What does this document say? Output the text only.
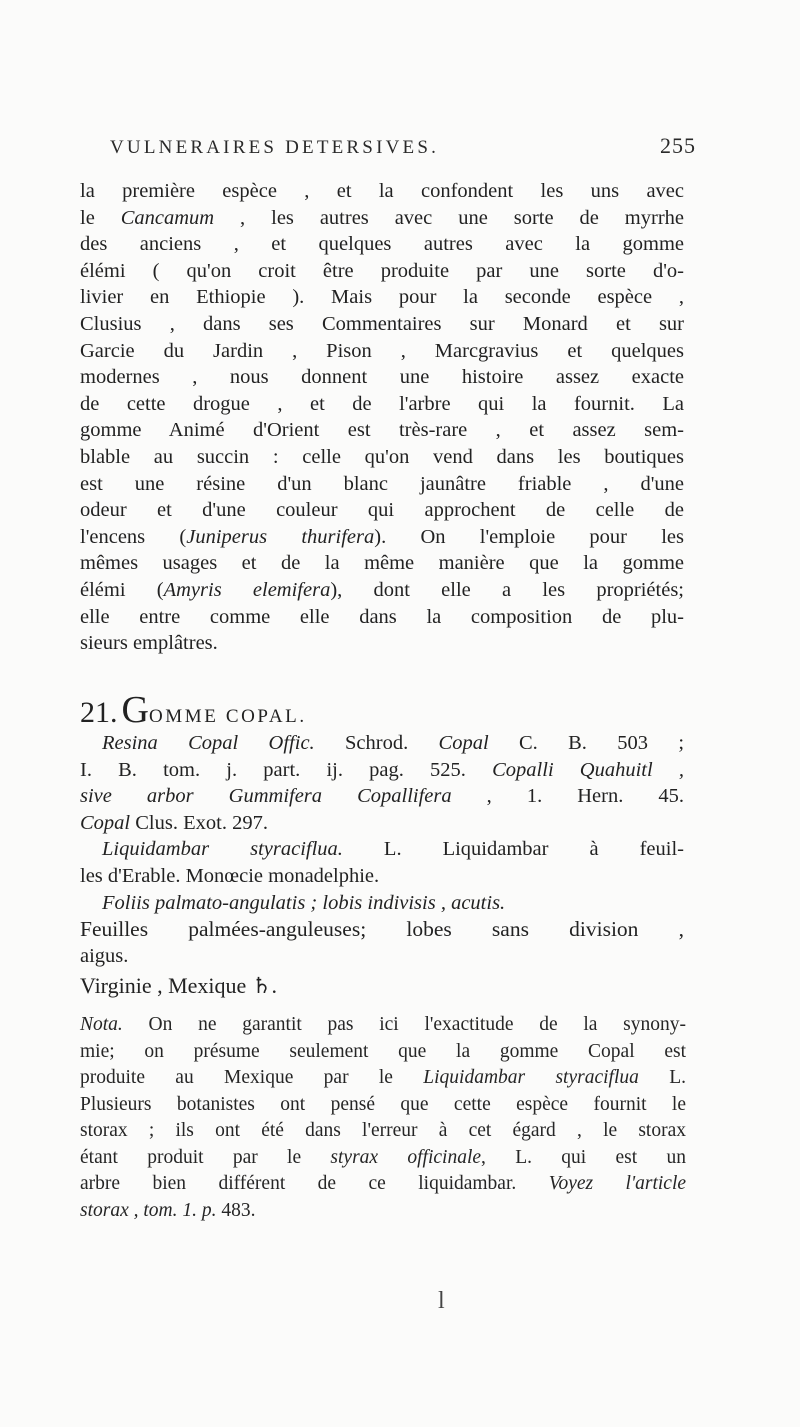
VULNERAIRES DETERSIVES.	255
la première espèce , et la confondent les uns avec
le Cancamum , les autres avec une sorte de myrrhe
des anciens , et quelques autres avec la gomme
élémi ( qu'on croit être produite par une sorte d'o-
livier en Ethiopie ). Mais pour la seconde espèce ,
Clusius , dans ses Commentaires sur Monard et sur
Garcie du Jardin , Pison , Marcgravius et quelques
modernes , nous donnent une histoire assez exacte
de cette drogue , et de l'arbre qui la fournit. La
gomme Animé d'Orient est très-rare , et assez sem-
blable au succin : celle qu'on vend dans les boutiques
est une résine d'un blanc jaunâtre friable , d'une
odeur et d'une couleur qui approchent de celle de
l'encens (Juniperus thurifera). On l'emploie pour les
mêmes usages et de la même manière que la gomme
élémi (Amyris elemifera), dont elle a les propriétés;
elle entre comme elle dans la composition de plu-
sieurs emplâtres.
21. GOMME COPAL.
Resina Copal Offic. Schrod. Copal C. B. 503 ;
I. B. tom. j. part. ij. pag. 525. Copalli Quahuitl ,
sive arbor Gummifera Copallifera , 1. Hern. 45.
Copal Clus. Exot. 297.
Liquidambar styraciflua. L. Liquidambar à feuil-
les d'Erable. Monœcie monadelphie.
Foliis palmato-angulatis ; lobis indivisis , acutis.
Feuilles palmées-anguleuses; lobes sans division ,
aigus.
Virginie , Mexique ♄.
Nota. On ne garantit pas ici l'exactitude de la synony-
mie; on présume seulement que la gomme Copal est
produite au Mexique par le Liquidambar styraciflua L.
Plusieurs botanistes ont pensé que cette espèce fournit le
storax ; ils ont été dans l'erreur à cet égard , le storax
étant produit par le styrax officinale, L. qui est un
arbre bien différent de ce liquidambar. Voyez l'article
storax , tom. 1. p. 483.
l
